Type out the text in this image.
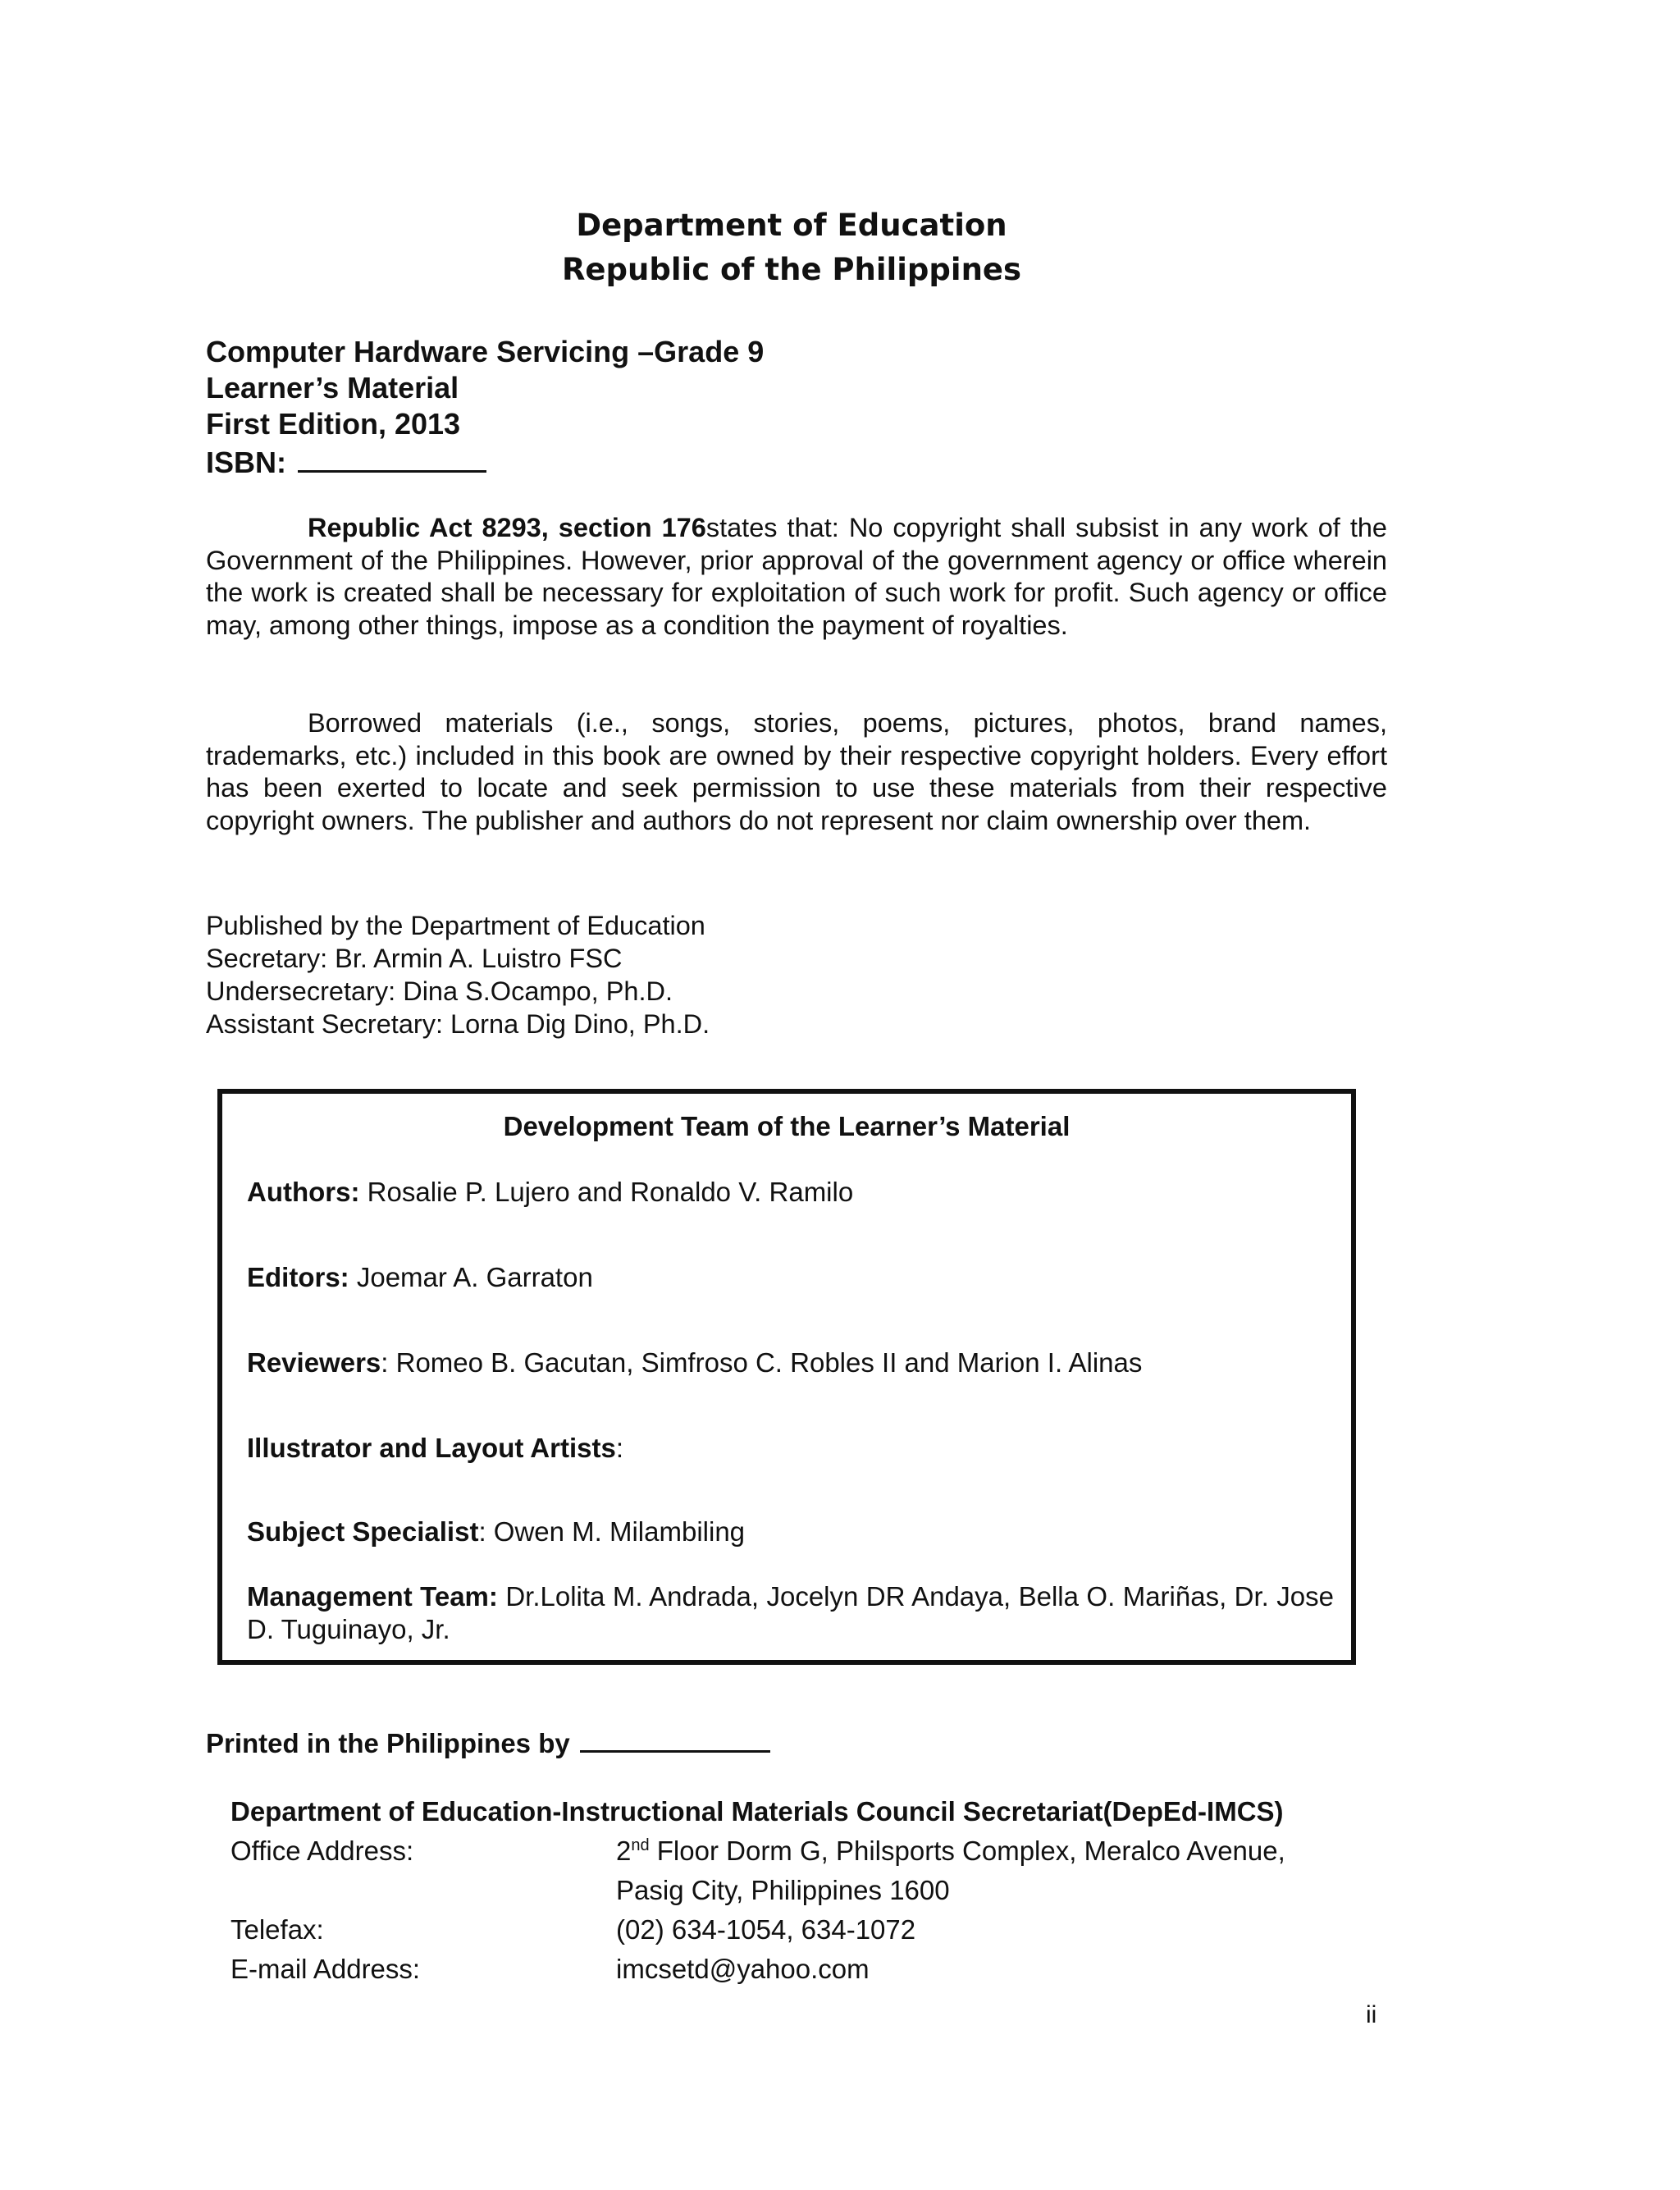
Department of Education
Republic of the Philippines
Computer Hardware Servicing –Grade 9
Learner’s Material
First Edition, 2013
ISBN:

Republic Act 8293, section 176states that: No copyright shall subsist in any work of the Government of the Philippines. However, prior approval of the government agency or office wherein the work is created shall be necessary for exploitation of such work for profit. Such agency or office may, among other things, impose as a condition the payment of royalties.

Borrowed materials (i.e., songs, stories, poems, pictures, photos, brand names, trademarks, etc.) included in this book are owned by their respective copyright holders. Every effort has been exerted to locate and seek permission to use these materials from their respective copyright owners. The publisher and authors do not represent nor claim ownership over them.

Published by the Department of Education
Secretary: Br. Armin A. Luistro FSC
Undersecretary: Dina S.Ocampo, Ph.D.
Assistant Secretary: Lorna Dig Dino, Ph.D.
Development Team of the Learner’s Material
Authors: Rosalie P. Lujero and Ronaldo V. Ramilo
Editors: Joemar A. Garraton
Reviewers: Romeo B. Gacutan, Simfroso C. Robles II and Marion I. Alinas
Illustrator and Layout Artists:
Subject Specialist: Owen M. Milambiling
Management Team: Dr.Lolita M. Andrada, Jocelyn DR Andaya, Bella O. Mariñas, Dr. Jose D. Tuguinayo, Jr.
Printed in the Philippines by
Department of Education-Instructional Materials Council Secretariat(DepEd-IMCS)
Office Address:	2nd Floor Dorm G, Philsports Complex, Meralco Avenue,
Pasig City, Philippines 1600
Telefax:	(02) 634-1054, 634-1072
E-mail Address:	imcsetd@yahoo.com
ii
